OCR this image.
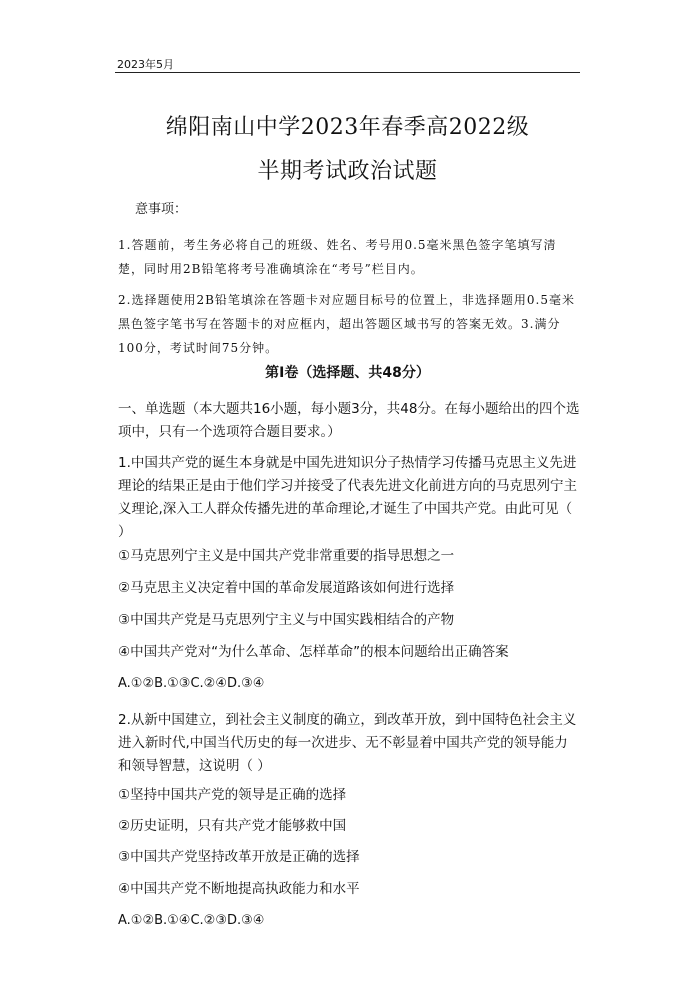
2023年5月
绵阳南山中学2023年春季高2022级
半期考试政治试题
意事项：
1.答题前，考生务必将自己的班级、姓名、考号用0.5毫米黑色签字笔填写清楚，同时用2B铅笔将考号准确填涂在“考号”栏目内。
2.选择题使用2B铅笔填涂在答题卡对应题目标号的位置上，非选择题用0.5毫米黑色签字笔书写在答题卡的对应框内，超出答题区域书写的答案无效。3.满分100分，考试时间75分钟。
第Ⅰ卷（选择题、共48分）
一、单选题（本大题共16小题，每小题3分，共48分。在每小题给出的四个选项中，只有一个选项符合题目要求。）
1.中国共产党的诞生本身就是中国先进知识分子热情学习传播马克思主义先进理论的结果正是由于他们学习并接受了代表先进文化前进方向的马克思列宁主义理论,深入工人群众传播先进的革命理论,才诞生了中国共产党。由此可见（ ）
①马克思列宁主义是中国共产党非常重要的指导思想之一
②马克思主义决定着中国的革命发展道路该如何进行选择
③中国共产党是马克思列宁主义与中国实践相结合的产物
④中国共产党对“为什么革命、怎样革命”的根本问题给出正确答案
A.①②B.①③C.②④D.③④
2.从新中国建立，到社会主义制度的确立，到改革开放，到中国特色社会主义进入新时代,中国当代历史的每一次进步、无不彰显着中国共产党的领导能力和领导智慧，这说明（ ）
①坚持中国共产党的领导是正确的选择
②历史证明，只有共产党才能够救中国
③中国共产党坚持改革开放是正确的选择
④中国共产党不断地提高执政能力和水平
A.①②B.①④C.②③D.③④
